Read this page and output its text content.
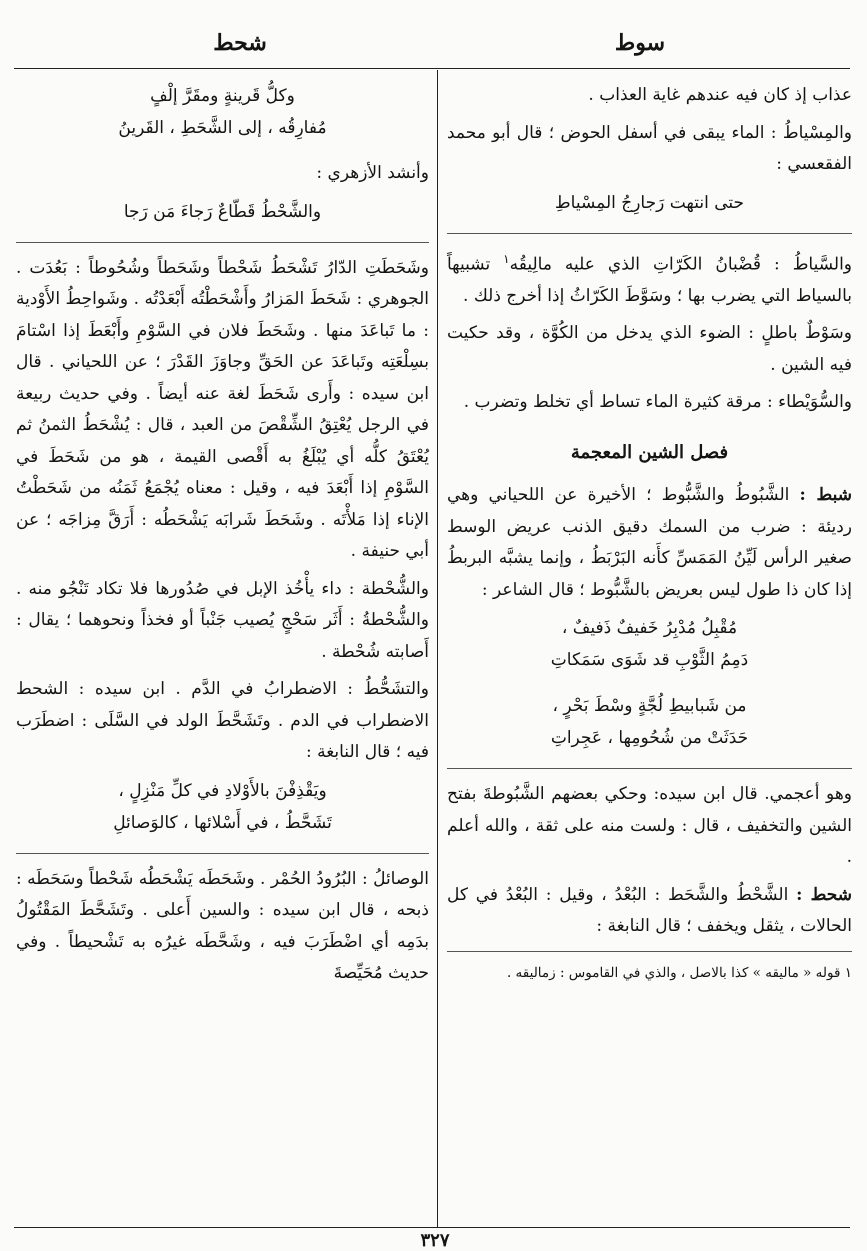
سوط
شحط
٣٢٧

عذاب إذ كان فيه عندهم غاية العذاب .

والمِسْياطُ : الماء يبقى في أسفل الحوض ؛ قال أبو محمد الفقعسي :

حتى انتهت رَجارِجُ المِسْياطِ

والسَّياطُ : قُضْبانُ الكَرّاتِ الذي عليه مالِيقُه$^١$ تشبيهاً بالسياط التي يضرب بها ؛ وسَوَّطَ الكَرّاثُ إذا أخرج ذلك .

وسَوْطٌ باطلٍ : الضوء الذي يدخل من الكُوَّة ، وقد حكيت فيه الشين .

والسُّوَيْطاء : مرقة كثيرة الماء تساط أي تخلط وتضرب .

فصل الشين المعجمة

شبط : الشَّبُوطُ والشَّبُّوط ؛ الأخيرة عن اللحياني وهي رديئة : ضرب من السمك دقيق الذنب عريض الوسط صغير الرأس لَيِّنُ المَمَسِّ كأَنه البَرْبَطُ ، وإنما يشبَّه البربطُ إذا كان ذا طول ليس بعريض بالشَّبُّوط ؛ قال الشاعر :

مُقْبِلُ مُدْبِرُ خَفيفٌ ذَفيفٌ ،
دَمِمُ الثَّوْبِ قد شَوَى سَمَكاتِ
من شَبابيطِ لُجَّةٍ وسْطَ بَحْرٍ ،
حَدَثَتْ من شُحُومِها ، عَجِراتِ

وهو أعجمي. قال ابن سيده: وحكي بعضهم الشَّبُوطةَ بفتح الشين والتخفيف ، قال : ولست منه على ثقة ، والله أعلم .

شحط : الشَّحْطُ والشَّحَط : البُعْدُ ، وقيل : البُعْدُ في كل الحالات ، يثقل ويخفف ؛ قال النابغة :

١ قوله « ماليقه » كذا بالاصل ، والذي في القاموس : زماليقه .
وكلُّ قَرينةٍ ومقَرَّ إلْفٍ
مُفارِقُه ، إلى الشَّحَطِ ، القَرينُ

وأنشد الأزهري :

والشَّحْطُ قَطّاعٌ رَجاءَ مَن رَجا

وشَحَطَتِ الدّارُ تَشْحَطُ شَحْطاً وشَحَطاً وشُحُوطاً : بَعُدَت . الجوهري : شَحَطَ المَزارُ وأَشْحَطْتُه أَبْعَدْتُه . وشَواحِطُ الأَوْدية : ما تَباعَدَ منها . وشَحَطَ فلان في السَّوْمِ وأَبْعَطَ إذا اسْتامَ بسِلْعَتِه وتَباعَدَ عن الحَقِّ وجاوَزَ القَدْرَ ؛ عن اللحياني . قال ابن سيده : وأَرى شَحَطَ لغة عنه أيضاً . وفي حديث ربيعة في الرجل يُعْتِقُ الشِّقْصَ من العبد ، قال : يُشْحَطُ الثمنُ ثم يُعْتَقُ كلُّه أي يُبْلَغُ به أَقْصى القيمة ، هو من شَحَطَ في السَّوْمِ إذا أَبْعَدَ فيه ، وقيل : معناه يُجْمَعُ ثَمَنُه من شَحَطْتُ الإناء إذا مَلأْتَه . وشَحَطَ شَرابَه يَشْحَطُه : أَرَقَّ مِزاجَه ؛ عن أبي حنيفة .

والشُّحْطة : داء يأْخُذ الإبل في صُدُورها فلا تكاد تَنْجُو منه . والشُّحْطةُ : أَثَر سَحْجٍ يُصيب جَنْباً أو فخذاً ونحوهما ؛ يقال : أَصابته شُحْطة .

والتشَحُّطُ : الاضطرابُ في الدَّم . ابن سيده : الشحط الاضطراب في الدم . وتَشَحَّطَ الولد في السَّلَى : اضطَرَب فيه ؛ قال النابغة :

ويَقْذِفْنَ بالأَوْلادِ في كلِّ مَنْزِلٍ ،
تَشَحَّطُ ، في أَسْلائها ، كالوَصائلِ

الوصائلُ : البُرُودُ الحُمْر . وشَحَطَه يَشْحَطُه شَحْطاً وسَحَطَه : ذبحه ، قال ابن سيده : والسين أَعلى . وتَشَحَّطَ المَقْتُولُ بدَمِه أي اضْطَرَبَ فيه ، وشَحَّطَه غيرُه به تَشْحيطاً . وفي حديث مُحَيِّصةَ
